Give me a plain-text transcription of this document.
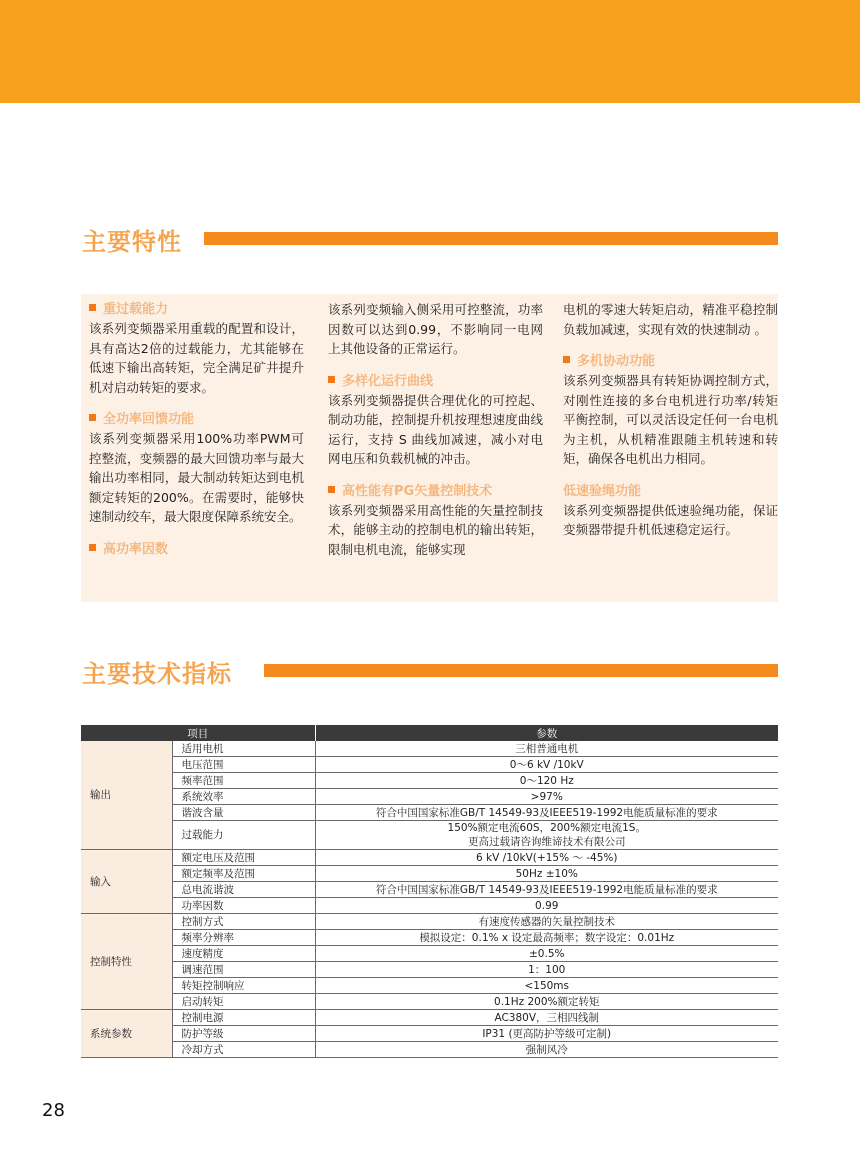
主要特性
重过载能力

该系列变频器采用重载的配置和设计，具有高达2倍的过载能力，尤其能够在低速下输出高转矩，完全满足矿井提升机对启动转矩的要求。

全功率回馈功能

该系列变频器采用100%功率PWM可控整流，变频器的最大回馈功率与最大输出功率相同，最大制动转矩达到电机额定转矩的200%。在需要时，能够快速制动绞车，最大限度保障系统安全。

高功率因数

该系列变频输入侧采用可控整流，功率因数可以达到0.99，不影响同一电网上其他设备的正常运行。

多样化运行曲线

该系列变频器提供合理优化的可控起、制动功能，控制提升机按理想速度曲线运行，支持 S 曲线加减速，减小对电网电压和负载机械的冲击。

高性能有PG矢量控制技术

该系列变频器采用高性能的矢量控制技术，能够主动的控制电机的输出转矩，限制电机电流，能够实现

电机的零速大转矩启动，精准平稳控制负载加减速，实现有效的快速制动 。

多机协动功能

该系列变频器具有转矩协调控制方式，对刚性连接的多台电机进行功率/转矩平衡控制，可以灵活设定任何一台电机为主机，从机精准跟随主机转速和转矩，确保各电机出力相同。

低速验绳功能

该系列变频器提供低速验绳功能，保证变频器带提升机低速稳定运行。

主要技术指标
项目		参数
输出	适用电机	三相普通电机
	电压范围	0～6 kV /10kV
	频率范围	0～120 Hz
	系统效率	>97%
	谐波含量	符合中国国家标准GB/T 14549-93及IEEE519-1992电能质量标准的要求
	过载能力	150%额定电流60S，200%额定电流1S。
更高过载请咨询维谛技术有限公司
输入	额定电压及范围	6 kV /10kV(+15% ～ -45%)
	额定频率及范围	50Hz ±10%
	总电流谐波	符合中国国家标准GB/T 14549-93及IEEE519-1992电能质量标准的要求
	功率因数	0.99
控制特性	控制方式	有速度传感器的矢量控制技术
	频率分辨率	模拟设定：0.1% x 设定最高频率；数字设定：0.01Hz
	速度精度	±0.5%
	调速范围	1：100
	转矩控制响应	<150ms
	启动转矩	0.1Hz 200%额定转矩
系统参数	控制电源	AC380V，三相四线制
	防护等级	IP31 (更高防护等级可定制)
	冷却方式	强制风冷
28
